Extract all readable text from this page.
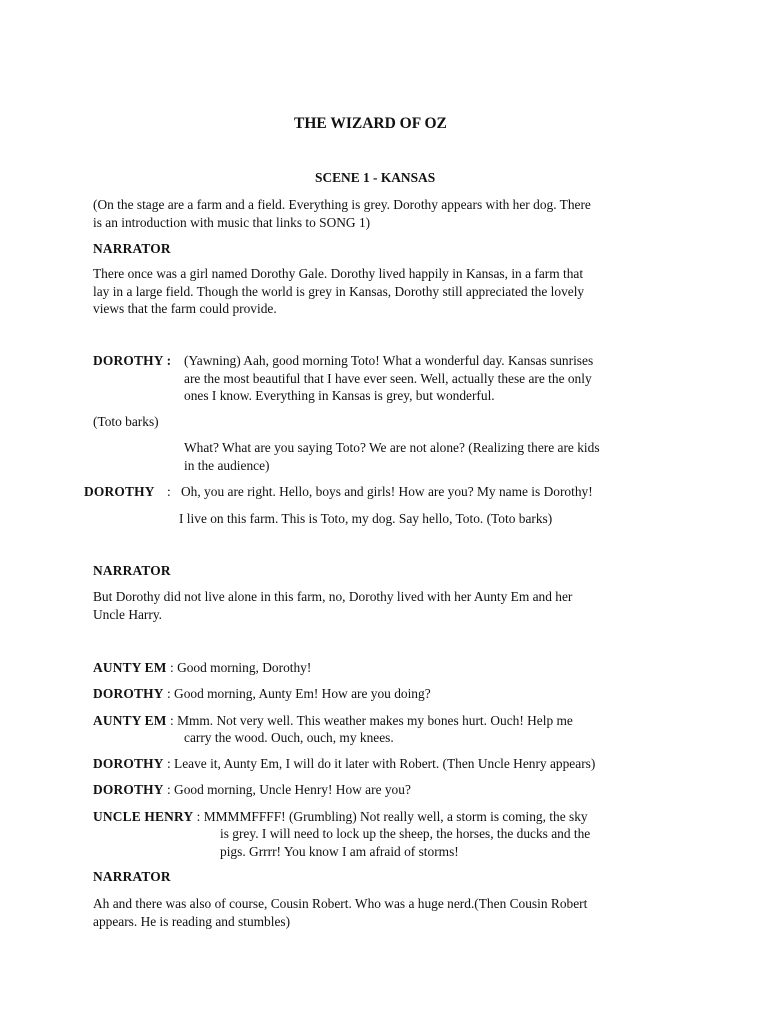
THE WIZARD OF OZ
SCENE 1 - KANSAS
(On the stage are a farm and a field. Everything is grey. Dorothy appears with her dog. There
is an introduction with music that links to SONG 1)
NARRATOR
There once was a girl named Dorothy Gale. Dorothy lived happily in Kansas, in a farm that
lay in a large field. Though the world is grey in Kansas, Dorothy still appreciated the lovely
views that the farm could provide.
DOROTHY : (Yawning) Aah, good morning Toto! What a wonderful day. Kansas sunrises
are the most beautiful that I have ever seen. Well, actually these are the only
ones I know. Everything in Kansas is grey, but wonderful.
(Toto barks)
What? What are you saying Toto? We are not alone? (Realizing there are kids
in the audience)
DOROTHY : Oh, you are right. Hello, boys and girls! How are you? My name is Dorothy!
I live on this farm. This is Toto, my dog. Say hello, Toto. (Toto barks)
NARRATOR
But Dorothy did not live alone in this farm, no, Dorothy lived with her Aunty Em and her
Uncle Harry.
AUNTY EM : Good morning, Dorothy!
DOROTHY : Good morning, Aunty Em! How are you doing?
AUNTY EM : Mmm. Not very well. This weather makes my bones hurt. Ouch! Help me
carry the wood. Ouch, ouch, my knees.
DOROTHY : Leave it, Aunty Em, I will do it later with Robert. (Then Uncle Henry appears)
DOROTHY : Good morning, Uncle Henry! How are you?
UNCLE HENRY : MMMMFFFF! (Grumbling) Not really well, a storm is coming, the sky
is grey. I will need to lock up the sheep, the horses, the ducks and the
pigs. Grrrr! You know I am afraid of storms!
NARRATOR
Ah and there was also of course, Cousin Robert. Who was a huge nerd.(Then Cousin Robert
appears. He is reading and stumbles)
